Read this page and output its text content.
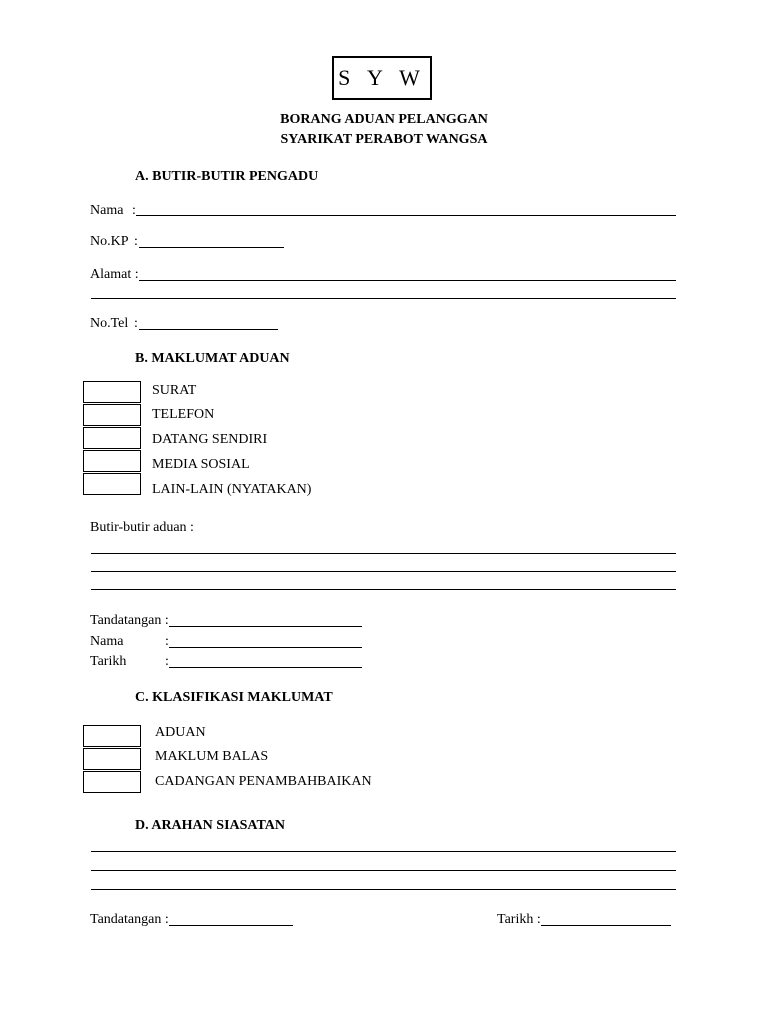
S Y W
BORANG ADUAN PELANGGAN
SYARIKAT PERABOT WANGSA
A. BUTIR-BUTIR PENGADU
Nama :
No.KP :
Alamat :
No.Tel :
B. MAKLUMAT ADUAN
SURAT
TELEFON
DATANG SENDIRI
MEDIA SOSIAL
LAIN-LAIN (NYATAKAN)
Butir-butir aduan :
Tandatangan :
Nama	:
Tarikh	:
C. KLASIFIKASI MAKLUMAT
ADUAN
MAKLUM BALAS
CADANGAN PENAMBAHBAIKAN
D. ARAHAN SIASATAN
Tandatangan :	Tarikh :
